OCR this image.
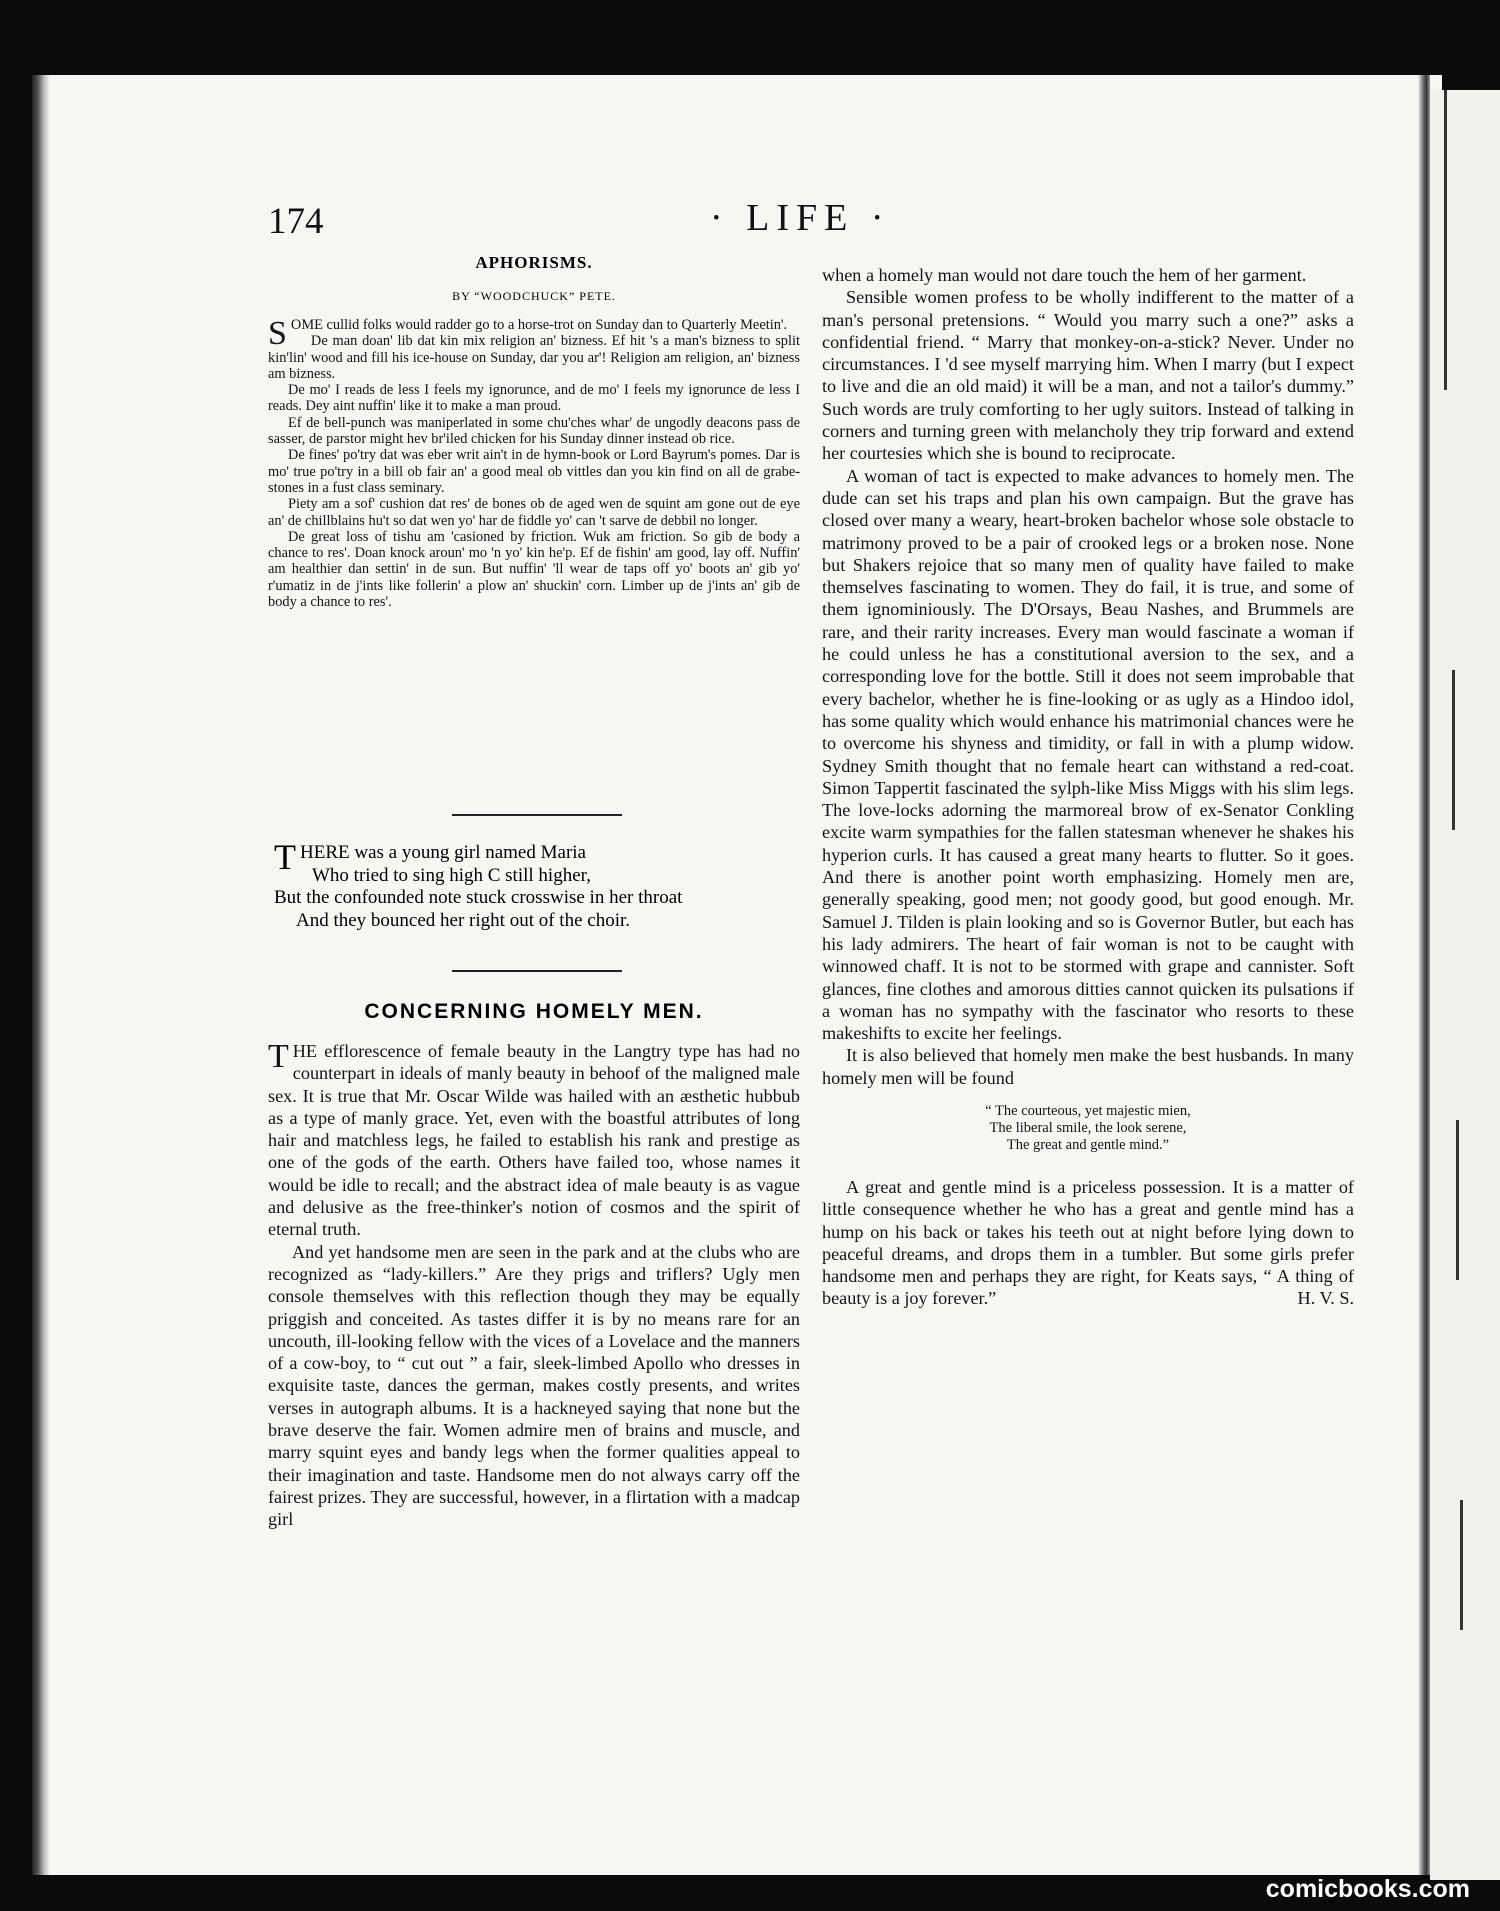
174	· LIFE ·
APHORISMS.
BY “WOODCHUCK” PETE.

SOME cullid folks would radder go to a horse-trot on Sunday dan to Quarterly Meetin'.

De man doan' lib dat kin mix religion an' bizness. Ef hit 's a man's bizness to split kin'lin' wood and fill his ice-house on Sunday, dar you ar'! Religion am religion, an' bizness am bizness.

De mo' I reads de less I feels my ignorunce, and de mo' I feels my ignorunce de less I reads. Dey aint nuffin' like it to make a man proud.

Ef de bell-punch was maniperlated in some chu'ches whar' de ungodly deacons pass de sasser, de parstor might hev br'iled chicken for his Sunday dinner instead ob rice.

De fines' po'try dat was eber writ ain't in de hymn-book or Lord Bayrum's pomes. Dar is mo' true po'try in a bill ob fair an' a good meal ob vittles dan you kin find on all de grabe-stones in a fust class seminary.

Piety am a sof' cushion dat res' de bones ob de aged wen de squint am gone out de eye an' de chillblains hu't so dat wen yo' har de fiddle yo' can 't sarve de debbil no longer.

De great loss of tishu am 'casioned by friction. Wuk am friction. So gib de body a chance to res'. Doan knock aroun' mo 'n yo' kin he'p. Ef de fishin' am good, lay off. Nuffin' am healthier dan settin' in de sun. But nuffin' 'll wear de taps off yo' boots an' gib yo' r'umatiz in de j'ints like follerin' a plow an' shuckin' corn. Limber up de j'ints an' gib de body a chance to res'.

THERE was a young girl named Maria
Who tried to sing high C still higher,
But the confounded note stuck crosswise in her throat
And they bounced her right out of the choir.
CONCERNING HOMELY MEN.

THE efflorescence of female beauty in the Langtry type has had no counterpart in ideals of manly beauty in behoof of the maligned male sex. It is true that Mr. Oscar Wilde was hailed with an æsthetic hubbub as a type of manly grace. Yet, even with the boastful attributes of long hair and matchless legs, he failed to establish his rank and prestige as one of the gods of the earth. Others have failed too, whose names it would be idle to recall; and the abstract idea of male beauty is as vague and delusive as the free-thinker's notion of cosmos and the spirit of eternal truth.

And yet handsome men are seen in the park and at the clubs who are recognized as “lady-killers.” Are they prigs and triflers? Ugly men console themselves with this reflection though they may be equally priggish and conceited. As tastes differ it is by no means rare for an uncouth, ill-looking fellow with the vices of a Lovelace and the manners of a cow-boy, to “ cut out ” a fair, sleek-limbed Apollo who dresses in exquisite taste, dances the german, makes costly presents, and writes verses in autograph albums. It is a hackneyed saying that none but the brave deserve the fair. Women admire men of brains and muscle, and marry squint eyes and bandy legs when the former qualities appeal to their imagination and taste. Handsome men do not always carry off the fairest prizes. They are successful, however, in a flirtation with a madcap girl

when a homely man would not dare touch the hem of her garment.

Sensible women profess to be wholly indifferent to the matter of a man's personal pretensions. “ Would you marry such a one?” asks a confidential friend. “ Marry that monkey-on-a-stick? Never. Under no circumstances. I 'd see myself marrying him. When I marry (but I expect to live and die an old maid) it will be a man, and not a tailor's dummy.” Such words are truly comforting to her ugly suitors. Instead of talking in corners and turning green with melancholy they trip forward and extend her courtesies which she is bound to reciprocate.

A woman of tact is expected to make advances to homely men. The dude can set his traps and plan his own campaign. But the grave has closed over many a weary, heart-broken bachelor whose sole obstacle to matrimony proved to be a pair of crooked legs or a broken nose. None but Shakers rejoice that so many men of quality have failed to make themselves fascinating to women. They do fail, it is true, and some of them ignominiously. The D'Orsays, Beau Nashes, and Brummels are rare, and their rarity increases. Every man would fascinate a woman if he could unless he has a constitutional aversion to the sex, and a corresponding love for the bottle. Still it does not seem improbable that every bachelor, whether he is fine-looking or as ugly as a Hindoo idol, has some quality which would enhance his matrimonial chances were he to overcome his shyness and timidity, or fall in with a plump widow. Sydney Smith thought that no female heart can withstand a red-coat. Simon Tappertit fascinated the sylph-like Miss Miggs with his slim legs. The love-locks adorning the marmoreal brow of ex-Senator Conkling excite warm sympathies for the fallen statesman whenever he shakes his hyperion curls. It has caused a great many hearts to flutter. So it goes. And there is another point worth emphasizing. Homely men are, generally speaking, good men; not goody good, but good enough. Mr. Samuel J. Tilden is plain looking and so is Governor Butler, but each has his lady admirers. The heart of fair woman is not to be caught with winnowed chaff. It is not to be stormed with grape and cannister. Soft glances, fine clothes and amorous ditties cannot quicken its pulsations if a woman has no sympathy with the fascinator who resorts to these makeshifts to excite her feelings.

It is also believed that homely men make the best husbands. In many homely men will be found

“ The courteous, yet majestic mien,
The liberal smile, the look serene,
The great and gentle mind.”

A great and gentle mind is a priceless possession. It is a matter of little consequence whether he who has a great and gentle mind has a hump on his back or takes his teeth out at night before lying down to peaceful dreams, and drops them in a tumbler. But some girls prefer handsome men and perhaps they are right, for Keats says, “ A thing of beauty is a joy forever.”	H. V. S.

comicbooks.com
